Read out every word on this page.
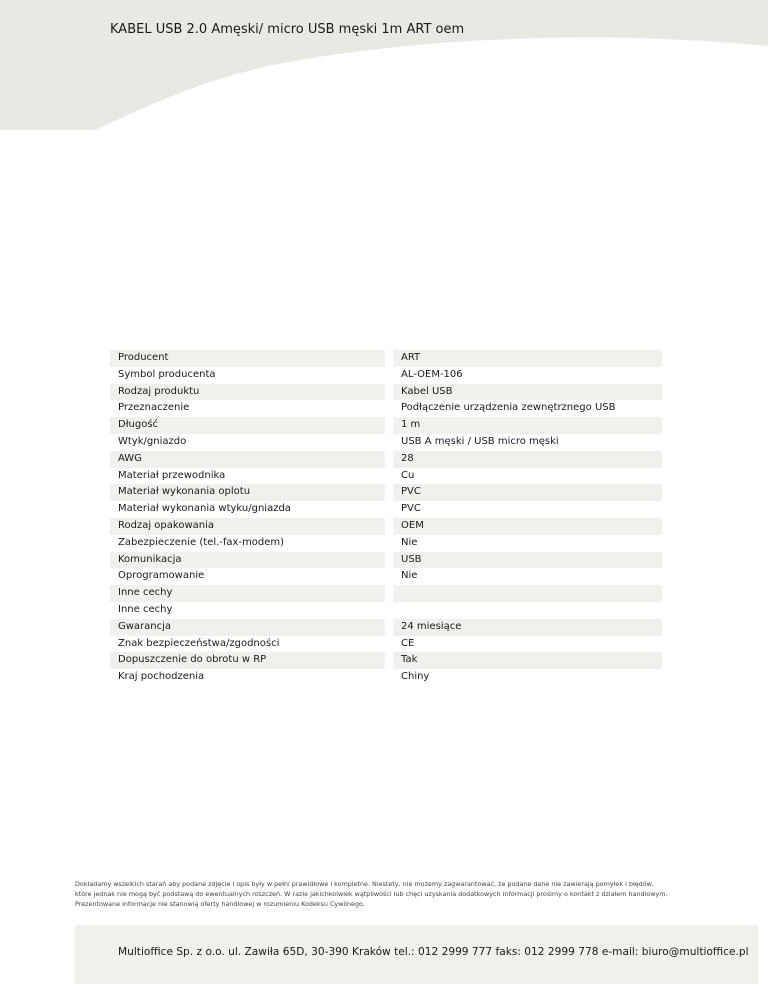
KABEL USB 2.0 Amęski/ micro USB męski 1m ART oem
Producent		ART
Symbol producenta		AL-OEM-106
Rodzaj produktu		Kabel USB
Przeznaczenie		Podłączenie urządzenia zewnętrznego USB
Długość		1 m
Wtyk/gniazdo		USB A męski / USB micro męski
AWG		28
Materiał przewodnika		Cu
Materiał wykonania oplotu		PVC
Materiał wykonania wtyku/gniazda		PVC
Rodzaj opakowania		OEM
Zabezpieczenie (tel.-fax-modem)		Nie
Komunikacja		USB
Oprogramowanie		Nie
Inne cechy		
Inne cechy		
Gwarancja		24 miesiące
Znak bezpieczeństwa/zgodności		CE
Dopuszczenie do obrotu w RP		Tak
Kraj pochodzenia		Chiny

Dokładamy wszelkich starań aby podane zdjęcie i opis były w pełni prawidłowe i kompletne. Niestety, nie możemy zagwarantować, że podane dane nie zawierają pomyłek i błędów,

które jednak nie mogą być podstawą do ewentualnych roszczeń. W razie jakichkolwiek wątpliwości lub chęci uzyskania dodatkowych informacji prosimy o kontakt z działem handlowym.

Prezentowane informacje nie stanowią oferty handlowej w rozumieniu Kodeksu Cywilnego.

Multioffice Sp. z o.o. ul. Zawiła 65D, 30-390 Kraków tel.: 012 2999 777 faks: 012 2999 778 e-mail: biuro@multioffice.pl
